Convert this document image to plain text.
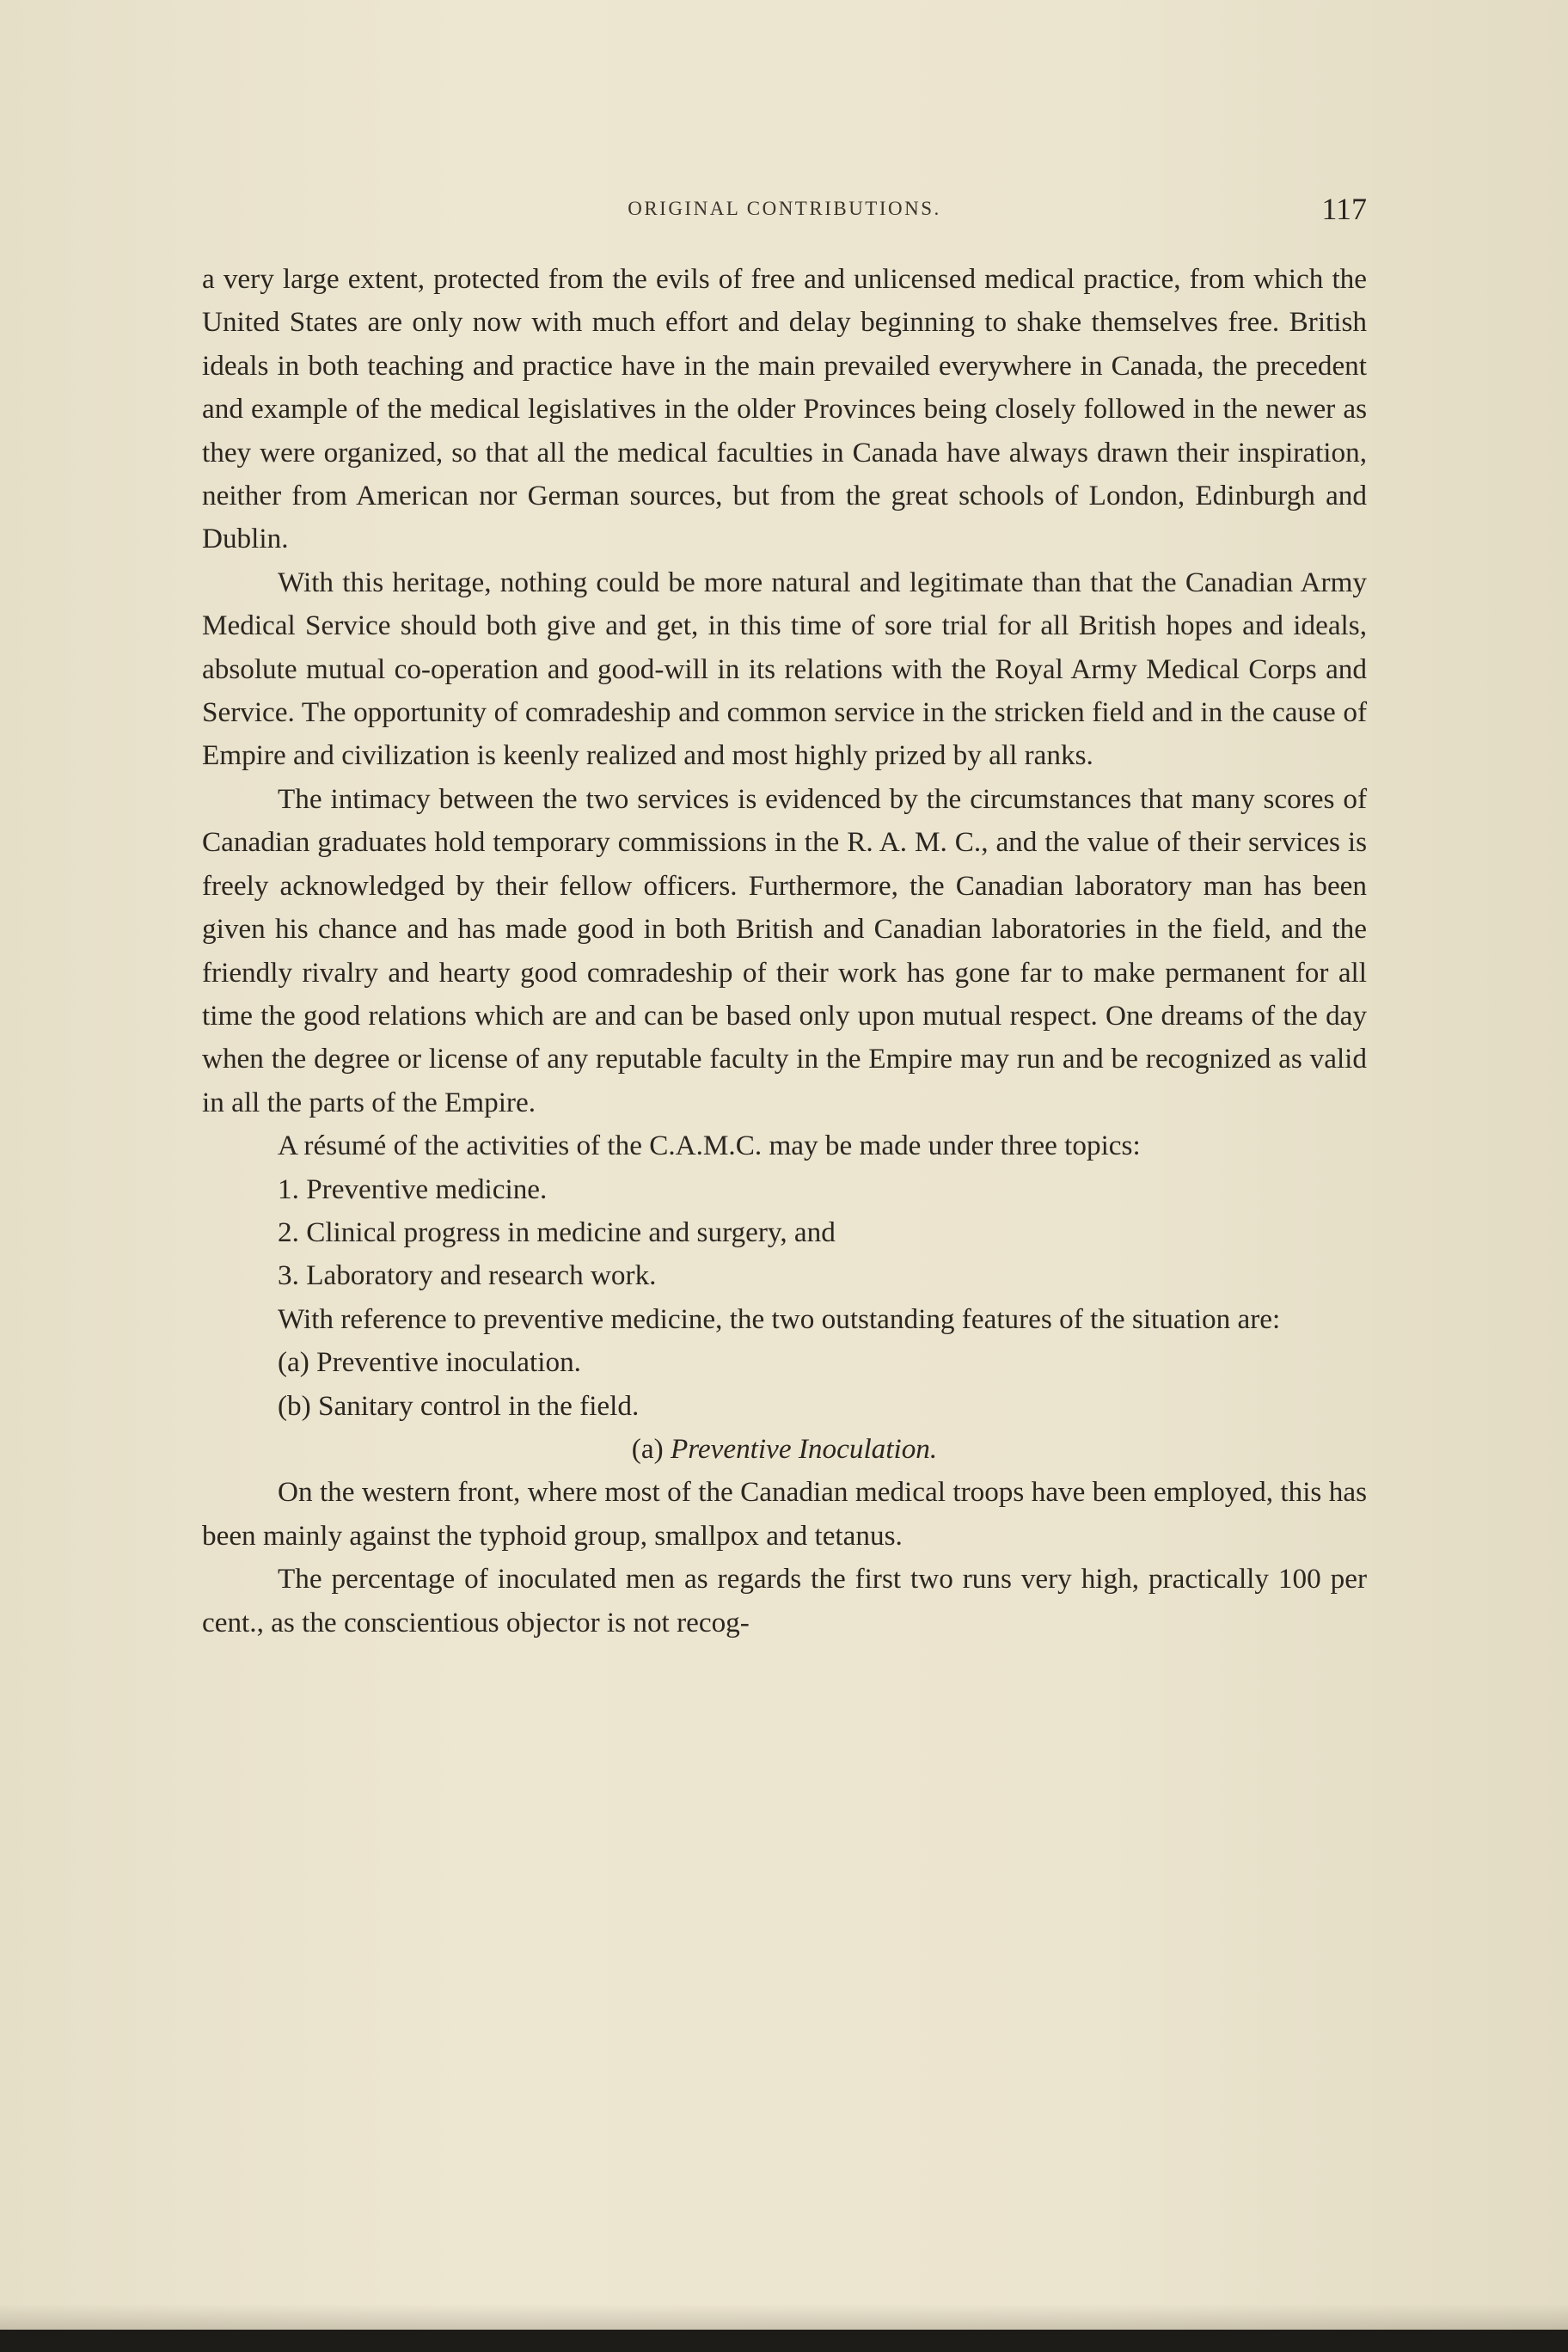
ORIGINAL CONTRIBUTIONS.	117

a very large extent, protected from the evils of free and unlicensed medical practice, from which the United States are only now with much effort and delay beginning to shake themselves free. British ideals in both teaching and practice have in the main prevailed everywhere in Canada, the precedent and example of the medical legislatives in the older Provinces being closely followed in the newer as they were organized, so that all the medical faculties in Canada have always drawn their inspiration, neither from American nor German sources, but from the great schools of London, Edinburgh and Dublin.

With this heritage, nothing could be more natural and legitimate than that the Canadian Army Medical Service should both give and get, in this time of sore trial for all British hopes and ideals, absolute mutual co-operation and good-will in its relations with the Royal Army Medical Corps and Service. The opportunity of comradeship and common service in the stricken field and in the cause of Empire and civilization is keenly realized and most highly prized by all ranks.

The intimacy between the two services is evidenced by the circumstances that many scores of Canadian graduates hold temporary commissions in the R. A. M. C., and the value of their services is freely acknowledged by their fellow officers. Furthermore, the Canadian laboratory man has been given his chance and has made good in both British and Canadian laboratories in the field, and the friendly rivalry and hearty good comradeship of their work has gone far to make permanent for all time the good relations which are and can be based only upon mutual respect. One dreams of the day when the degree or license of any reputable faculty in the Empire may run and be recognized as valid in all the parts of the Empire.

A résumé of the activities of the C.A.M.C. may be made under three topics:

1. Preventive medicine.

2. Clinical progress in medicine and surgery, and

3. Laboratory and research work.

With reference to preventive medicine, the two outstanding features of the situation are:

(a) Preventive inoculation.

(b) Sanitary control in the field.

(a) Preventive Inoculation.

On the western front, where most of the Canadian medical troops have been employed, this has been mainly against the typhoid group, smallpox and tetanus.

The percentage of inoculated men as regards the first two runs very high, practically 100 per cent., as the conscientious objector is not recog-
